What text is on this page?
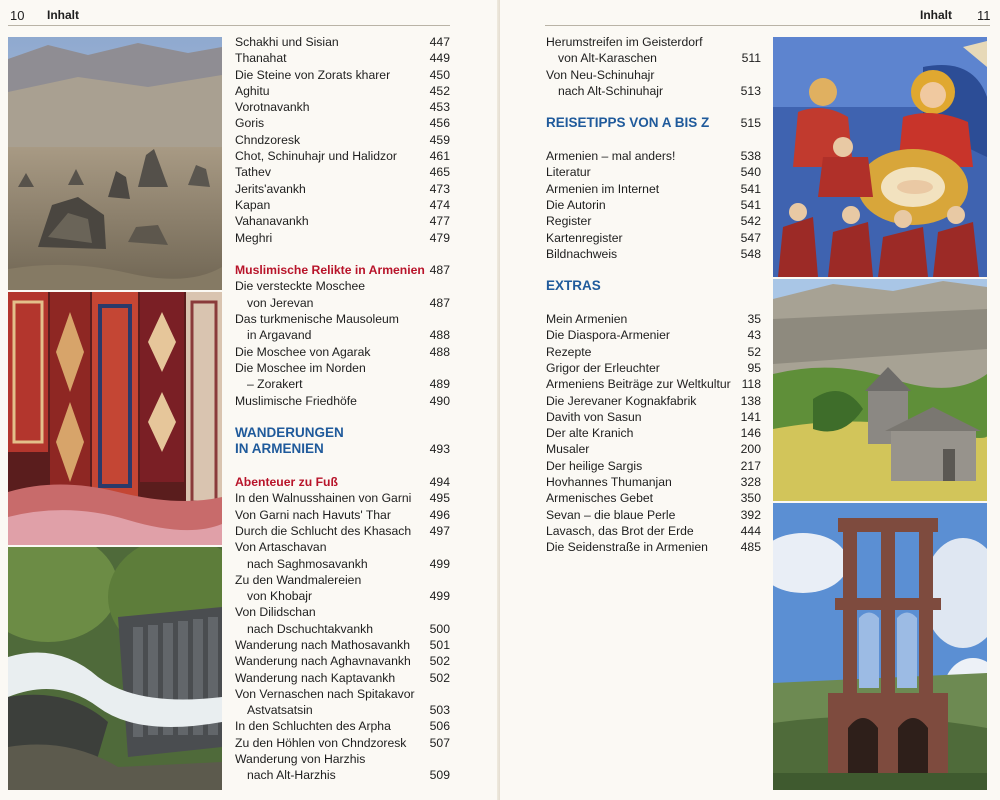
10 Inhalt
Schakhi und Sisian	447
Thanahat	449
Die Steine von Zorats kharer	450
Aghitu	452
Vorotnavankh	453
Goris	456
Chndzoresk	459
Chot, Schinuhajr und Halidzor	461
Tathev	465
Jerits'avankh	473
Kapan	474
Vahanavankh	477
Meghri	479
Muslimische Relikte in Armenien 487
Die versteckte Moschee
von Jerevan	487
Das turkmenische Mausoleum
in Argavand	488
Die Moschee von Agarak	488
Die Moschee im Norden
– Zorakert	489
Muslimische Friedhöfe	490
WANDERUNGEN
IN ARMENIEN	493
Abenteuer zu Fuß	494
In den Walnusshainen von Garni 495
Von Garni nach Havuts' Thar	496
Durch die Schlucht des Khasach 497
Von Artaschavan
nach Saghmosavankh	499
Zu den Wandmalereien
von Khobajr	499
Von Dilidschan
nach Dschuchtakvankh	500
Wanderung nach Mathosavankh 501
Wanderung nach Aghavnavankh 502
Wanderung nach Kaptavankh	502
Von Vernaschen nach Spitakavor
Astvatsatsin	503
In den Schluchten des Arpha	506
Zu den Höhlen von Chndzoresk 507
Wanderung von Harzhis
nach Alt-Harzhis	509
Inhalt 11
Herumstreifen im Geisterdorf
von Alt-Karaschen	511
Von Neu-Schinuhajr
nach Alt-Schinuhajr	513
REISETIPPS VON A BIS Z	515
Armenien – mal anders!	538
Literatur	540
Armenien im Internet	541
Die Autorin	541
Register	542
Kartenregister	547
Bildnachweis	548
EXTRAS
Mein Armenien	35
Die Diaspora-Armenier	43
Rezepte	52
Grigor der Erleuchter	95
Armeniens Beiträge zur Weltkultur 118
Die Jerevaner Kognakfabrik	138
Davith von Sasun	141
Der alte Kranich	146
Musaler	200
Der heilige Sargis	217
Hovhannes Thumanjan	328
Armenisches Gebet	350
Sevan – die blaue Perle	392
Lavasch, das Brot der Erde	444
Die Seidenstraße in Armenien	485
